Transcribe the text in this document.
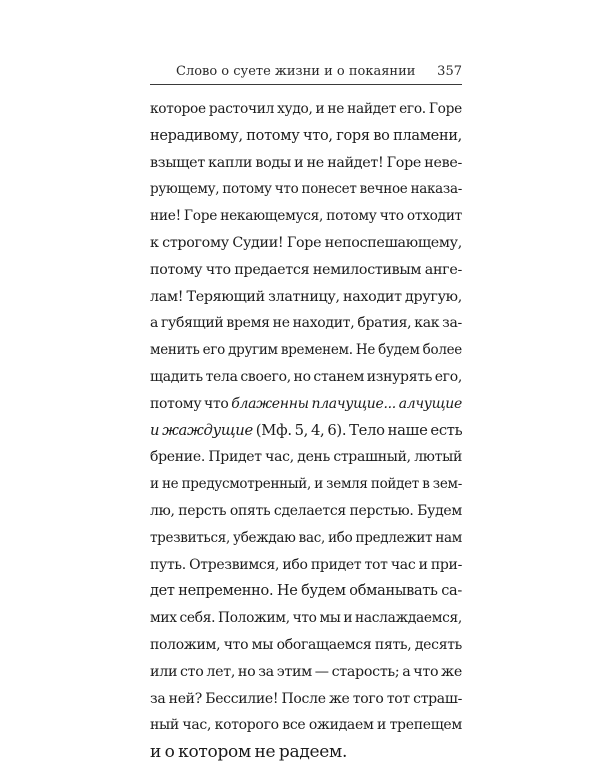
Слово о суете жизни и о покаянии 357
которое расточил худо, и не найдет его. Горе
нерадивому, потому что, горя во пламени,
взыщет капли воды и не найдет! Горе неве-
рующему, потому что понесет вечное наказа-
ние! Горе некающемуся, потому что отходит
к строгому Судии! Горе непоспешающему,
потому что предается немилостивым анге-
лам! Теряющий златницу, находит другую,
а губящий время не находит, братия, как за-
менить его другим временем. Не будем более
щадить тела своего, но станем изнурять его,
потому что блаженны плачущие... алчущие
и жаждущие (Мф. 5, 4, 6). Тело наше есть
брение. Придет час, день страшный, лютый
и не предусмотренный, и земля пойдет в зем-
лю, персть опять сделается перстью. Будем
трезвиться, убеждаю вас, ибо предлежит нам
путь. Отрезвимся, ибо придет тот час и при-
дет непременно. Не будем обманывать са-
мих себя. Положим, что мы и наслаждаемся,
положим, что мы обогащаемся пять, десять
или сто лет, но за этим — старость; а что же
за ней? Бессилие! После же того тот страш-
ный час, которого все ожидаем и трепещем
и о котором не радеем.
